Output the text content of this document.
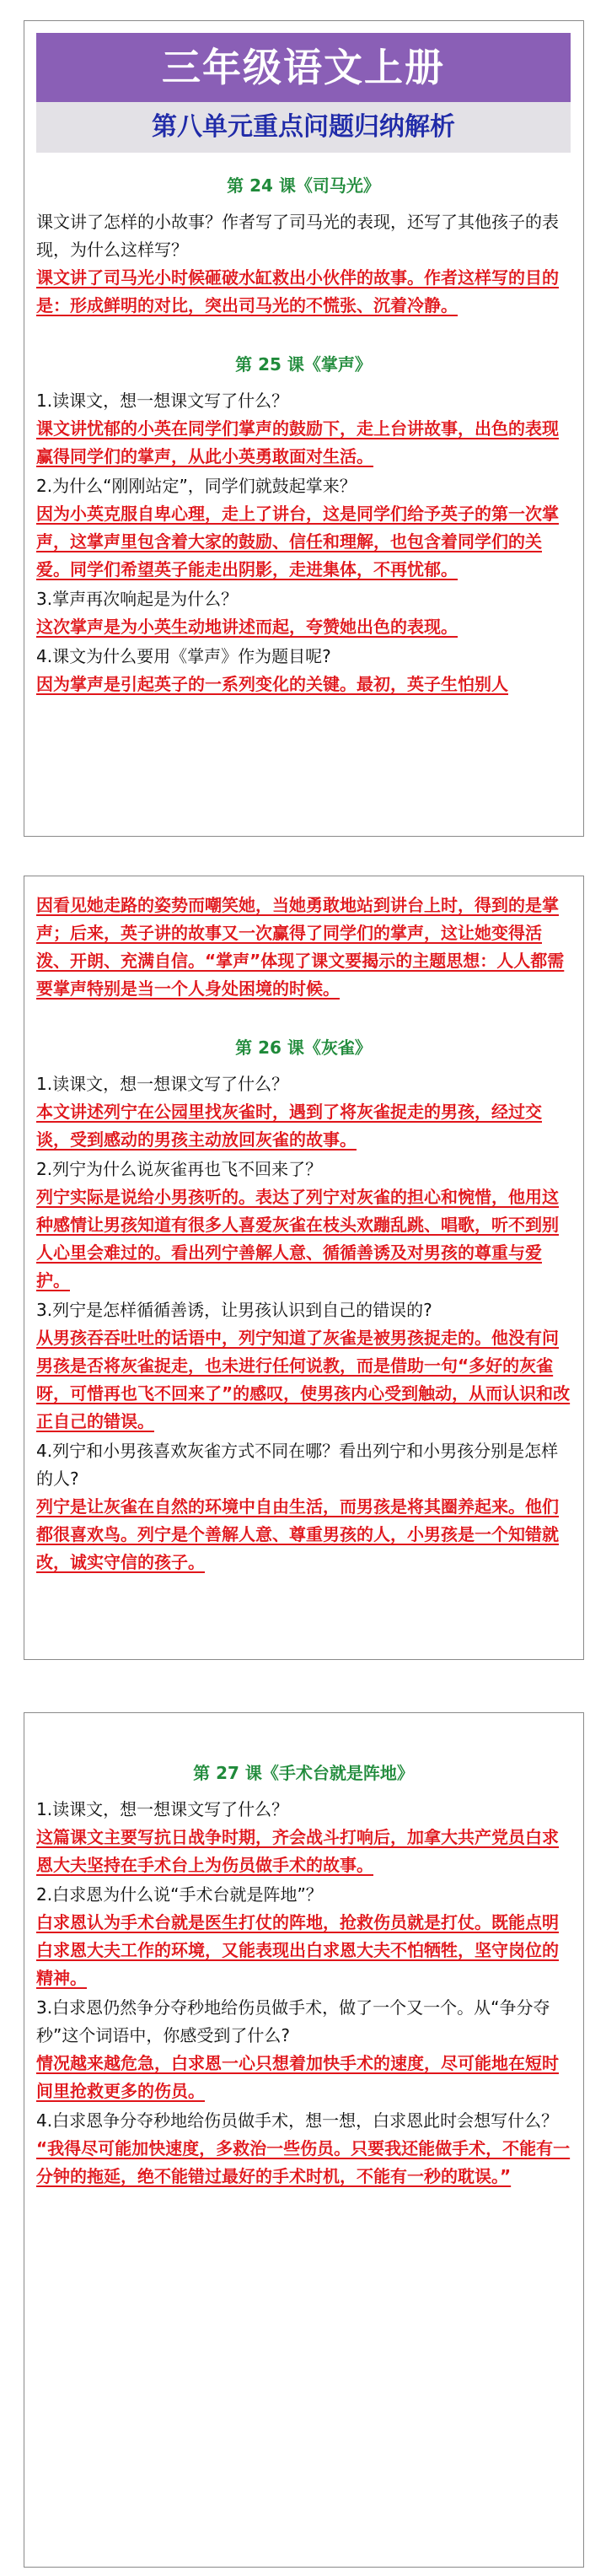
三年级语文上册
第八单元重点问题归纳解析
第 24 课《司马光》

课文讲了怎样的小故事？作者写了司马光的表现，还写了其他孩子的表现，为什么这样写？

课文讲了司马光小时候砸破水缸救出小伙伴的故事。作者这样写的目的是：形成鲜明的对比，突出司马光的不慌张、沉着冷静。

第 25 课《掌声》

1.读课文，想一想课文写了什么？

课文讲忧郁的小英在同学们掌声的鼓励下，走上台讲故事，出色的表现赢得同学们的掌声，从此小英勇敢面对生活。

2.为什么“刚刚站定”，同学们就鼓起掌来？

因为小英克服自卑心理，走上了讲台，这是同学们给予英子的第一次掌声，这掌声里包含着大家的鼓励、信任和理解，也包含着同学们的关爱。同学们希望英子能走出阴影，走进集体，不再忧郁。

3.掌声再次响起是为什么？

这次掌声是为小英生动地讲述而起，夸赞她出色的表现。

4.课文为什么要用《掌声》作为题目呢?

因为掌声是引起英子的一系列变化的关键。最初，英子生怕别人

因看见她走路的姿势而嘲笑她，当她勇敢地站到讲台上时，得到的是掌声；后来，英子讲的故事又一次赢得了同学们的掌声，这让她变得活泼、开朗、充满自信。“掌声”体现了课文要揭示的主题思想：人人都需要掌声特别是当一个人身处困境的时候。

第 26 课《灰雀》

1.读课文，想一想课文写了什么？

本文讲述列宁在公园里找灰雀时，遇到了将灰雀捉走的男孩，经过交谈，受到感动的男孩主动放回灰雀的故事。

2.列宁为什么说灰雀再也飞不回来了？

列宁实际是说给小男孩听的。表达了列宁对灰雀的担心和惋惜，他用这种感情让男孩知道有很多人喜爱灰雀在枝头欢蹦乱跳、唱歌，听不到别人心里会难过的。看出列宁善解人意、循循善诱及对男孩的尊重与爱护。

3.列宁是怎样循循善诱，让男孩认识到自己的错误的?

从男孩吞吞吐吐的话语中，列宁知道了灰雀是被男孩捉走的。他没有问男孩是否将灰雀捉走，也未进行任何说教，而是借助一句“多好的灰雀呀，可惜再也飞不回来了”的感叹，使男孩内心受到触动，从而认识和改正自己的错误。

4.列宁和小男孩喜欢灰雀方式不同在哪？看出列宁和小男孩分别是怎样的人?

列宁是让灰雀在自然的环境中自由生活，而男孩是将其圈养起来。他们都很喜欢鸟。列宁是个善解人意、尊重男孩的人，小男孩是一个知错就改，诚实守信的孩子。

第 27 课《手术台就是阵地》

1.读课文，想一想课文写了什么？

这篇课文主要写抗日战争时期，齐会战斗打响后，加拿大共产党员白求恩大夫坚持在手术台上为伤员做手术的故事。

2.白求恩为什么说“手术台就是阵地”？

白求恩认为手术台就是医生打仗的阵地，抢救伤员就是打仗。既能点明白求恩大夫工作的环境，又能表现出白求恩大夫不怕牺牲，坚守岗位的精神。

3.白求恩仍然争分夺秒地给伤员做手术，做了一个又一个。从“争分夺秒”这个词语中，你感受到了什么?

情况越来越危急，白求恩一心只想着加快手术的速度，尽可能地在短时间里抢救更多的伤员。

4.白求恩争分夺秒地给伤员做手术，想一想，白求恩此时会想写什么？

“我得尽可能加快速度，多救治一些伤员。只要我还能做手术，不能有一分钟的拖延，绝不能错过最好的手术时机，不能有一秒的耽误。”
